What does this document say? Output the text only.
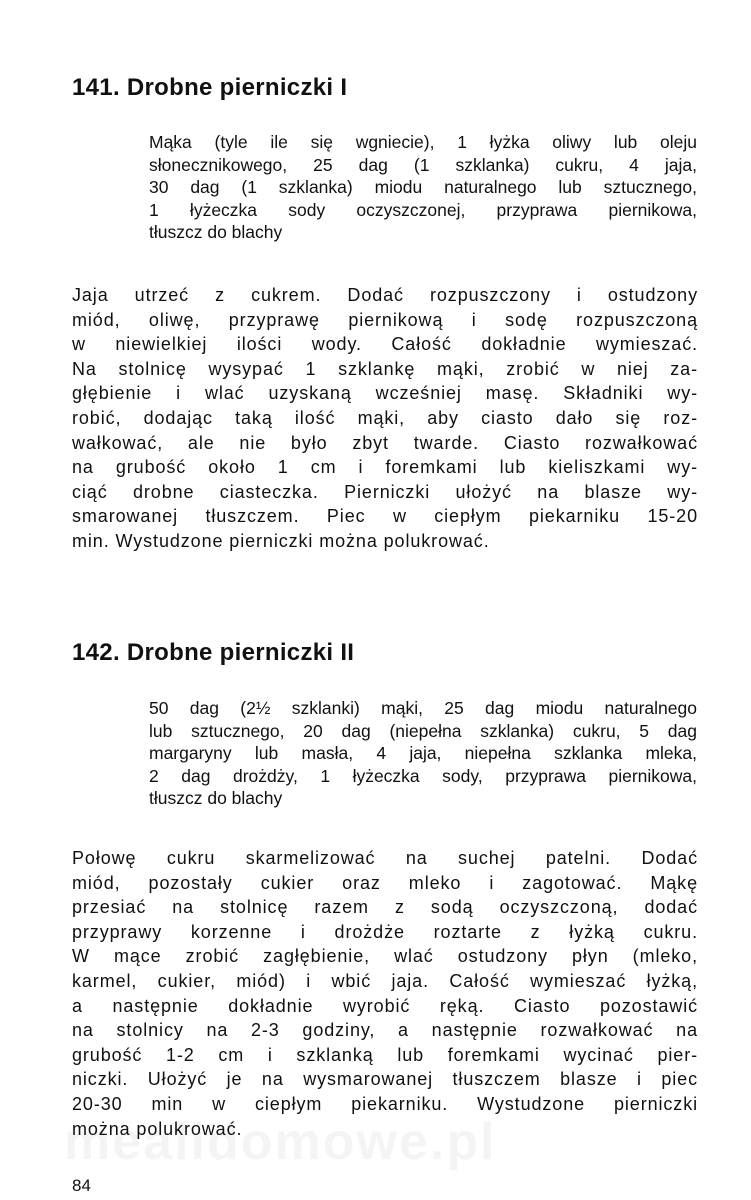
141. Drobne pierniczki I
Mąka (tyle ile się wgniecie), 1 łyżka oliwy lub oleju
słonecznikowego, 25 dag (1 szklanka) cukru, 4 jaja,
30 dag (1 szklanka) miodu naturalnego lub sztucznego,
1 łyżeczka sody oczyszczonej, przyprawa piernikowa,
tłuszcz do blachy
Jaja utrzeć z cukrem. Dodać rozpuszczony i ostudzony
miód, oliwę, przyprawę piernikową i sodę rozpuszczoną
w niewielkiej ilości wody. Całość dokładnie wymieszać.
Na stolnicę wysypać 1 szklankę mąki, zrobić w niej za-
głębienie i wlać uzyskaną wcześniej masę. Składniki wy-
robić, dodając taką ilość mąki, aby ciasto dało się roz-
wałkować, ale nie było zbyt twarde. Ciasto rozwałkować
na grubość około 1 cm i foremkami lub kieliszkami wy-
ciąć drobne ciasteczka. Pierniczki ułożyć na blasze wy-
smarowanej tłuszczem. Piec w ciepłym piekarniku 15-20
min. Wystudzone pierniczki można polukrować.
142. Drobne pierniczki II
50 dag (2½ szklanki) mąki, 25 dag miodu naturalnego
lub sztucznego, 20 dag (niepełna szklanka) cukru, 5 dag
margaryny lub masła, 4 jaja, niepełna szklanka mleka,
2 dag drożdży, 1 łyżeczka sody, przyprawa piernikowa,
tłuszcz do blachy
Połowę cukru skarmelizować na suchej patelni. Dodać
miód, pozostały cukier oraz mleko i zagotować. Mąkę
przesiać na stolnicę razem z sodą oczyszczoną, dodać
przyprawy korzenne i drożdże roztarte z łyżką cukru.
W mące zrobić zagłębienie, wlać ostudzony płyn (mleko,
karmel, cukier, miód) i wbić jaja. Całość wymieszać łyżką,
a następnie dokładnie wyrobić ręką. Ciasto pozostawić
na stolnicy na 2-3 godziny, a następnie rozwałkować na
grubość 1-2 cm i szklanką lub foremkami wycinać pier-
niczki. Ułożyć je na wysmarowanej tłuszczem blasze i piec
20-30 min w ciepłym piekarniku. Wystudzone pierniczki
można polukrować.
84
